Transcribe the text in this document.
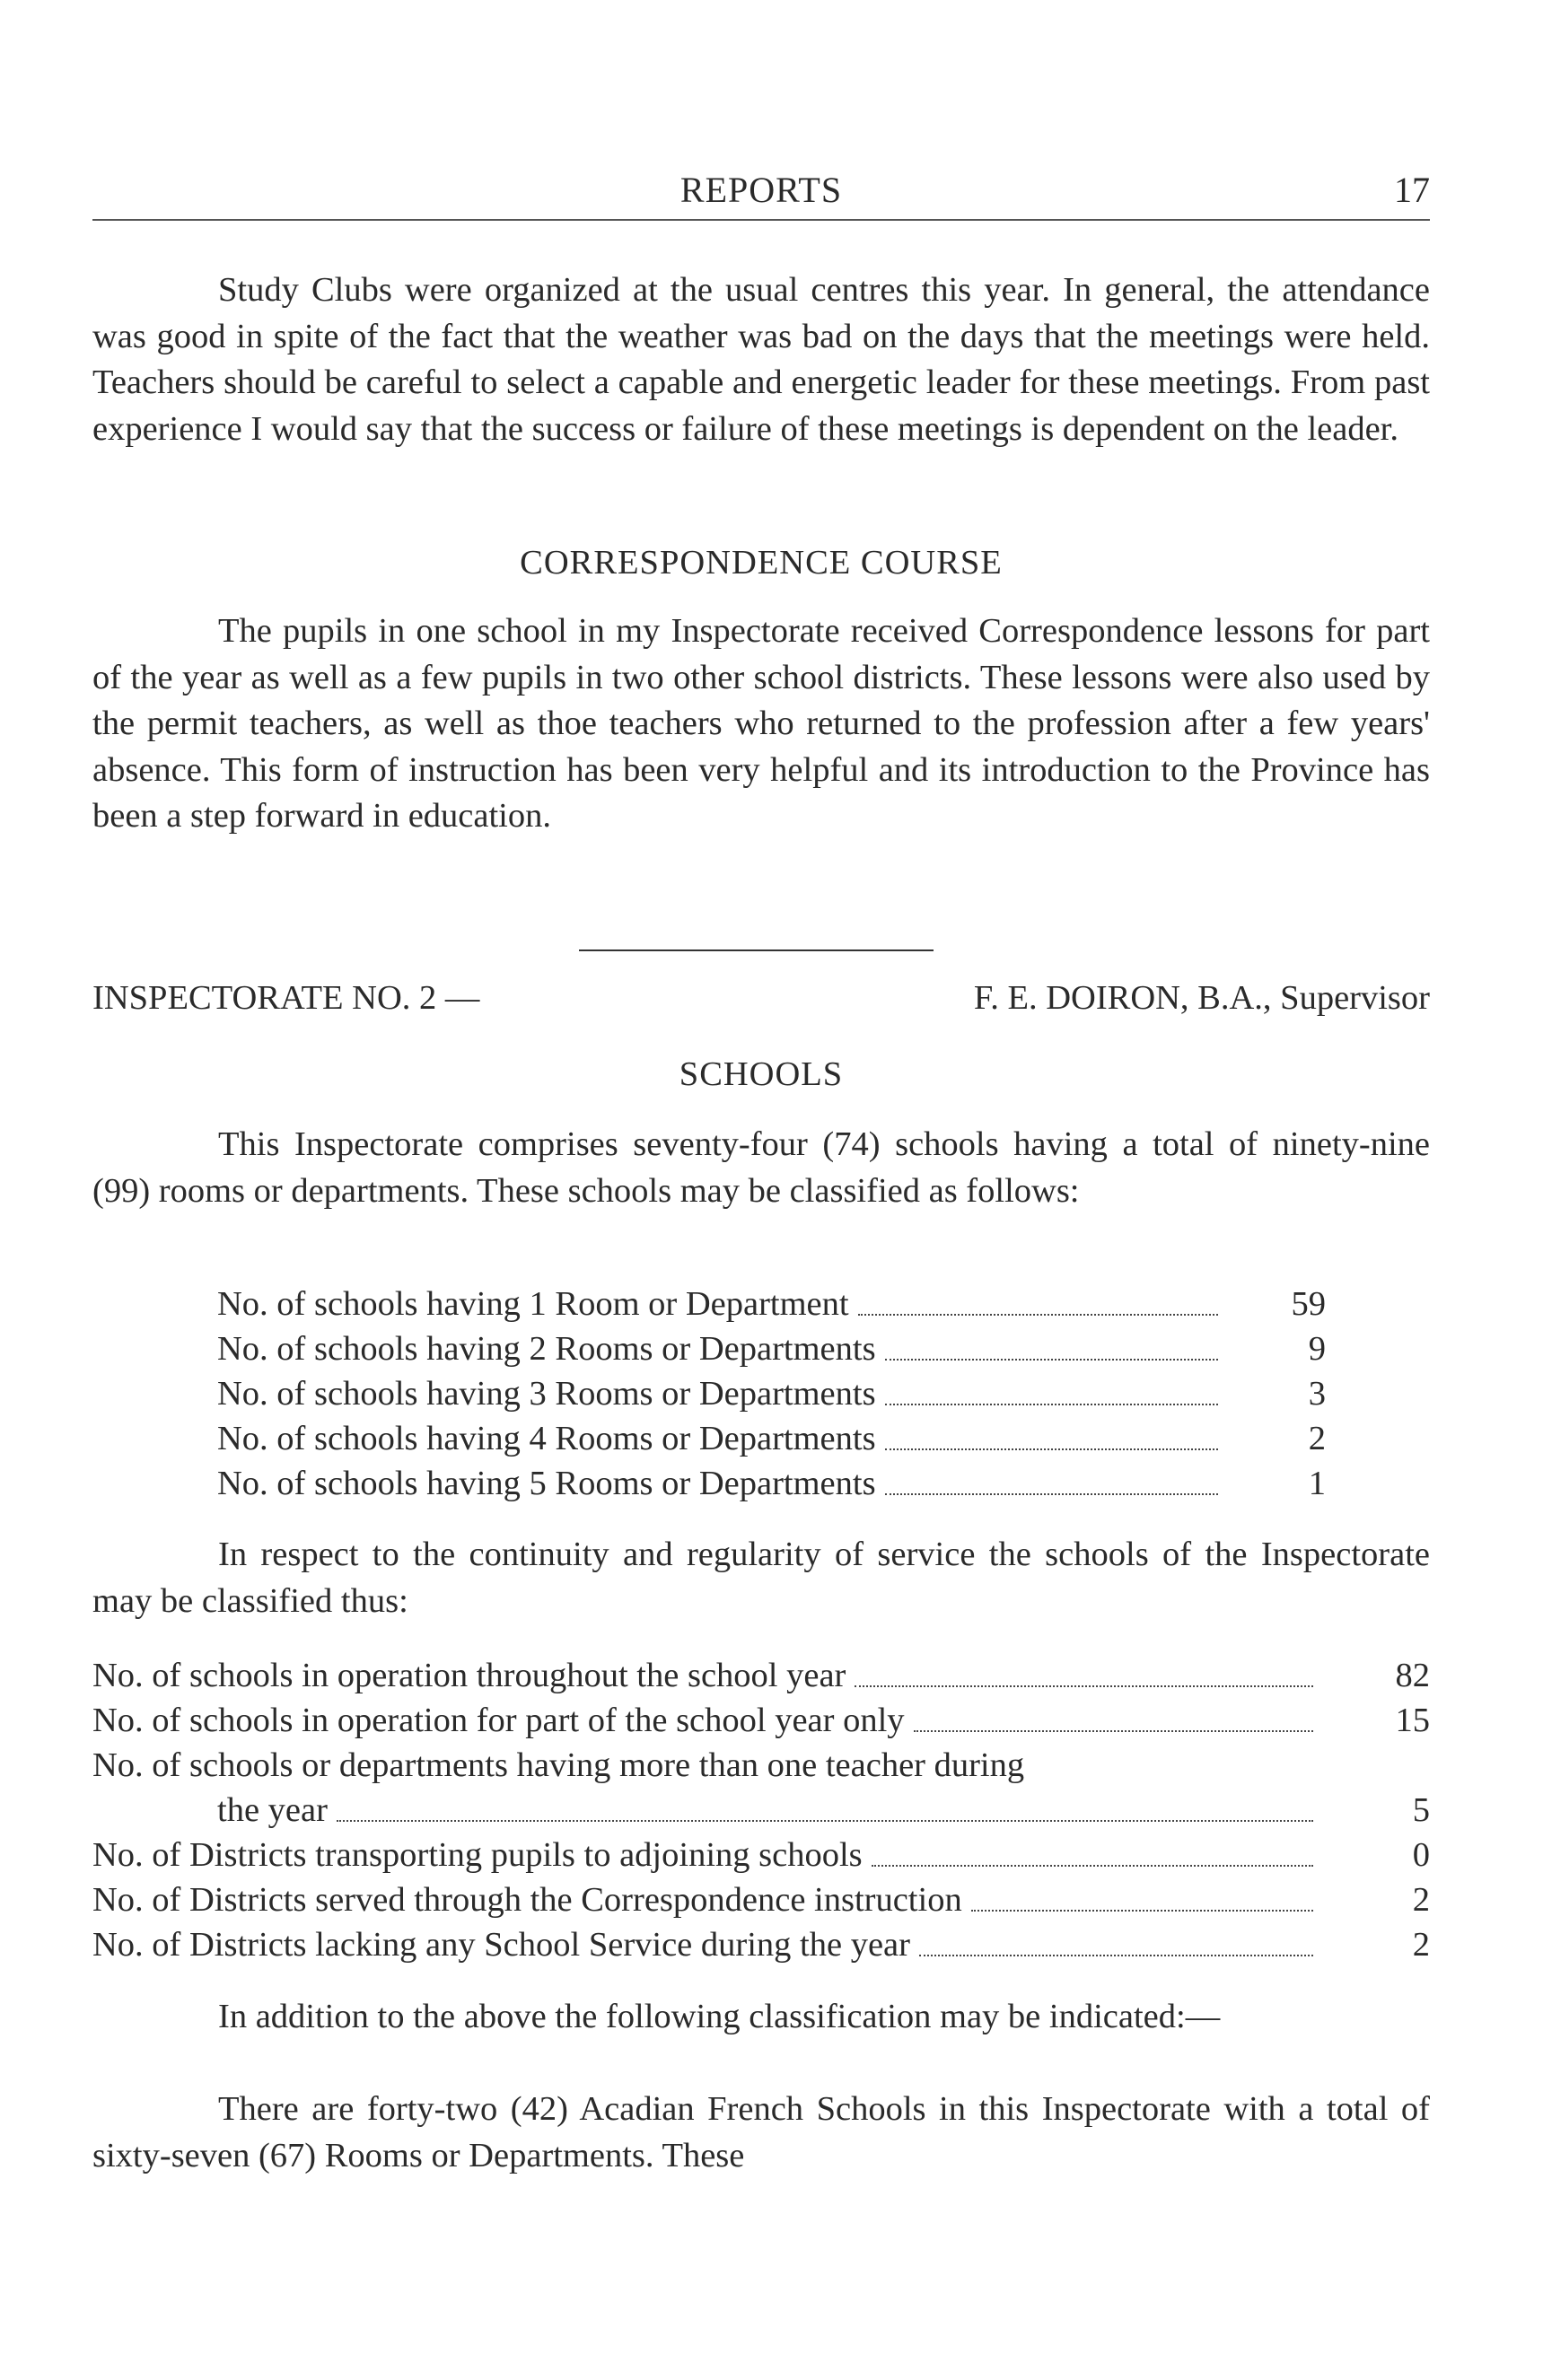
REPORTS	17

Study Clubs were organized at the usual centres this year. In general, the attendance was good in spite of the fact that the weather was bad on the days that the meetings were held. Teachers should be careful to select a capable and energetic leader for these meetings. From past experience I would say that the success or failure of these meetings is dependent on the leader.

CORRESPONDENCE COURSE

The pupils in one school in my Inspectorate received Correspondence lessons for part of the year as well as a few pupils in two other school districts. These lessons were also used by the permit teachers, as well as thoe teachers who returned to the profession after a few years' absence. This form of instruction has been very helpful and its introduction to the Province has been a step forward in education.

INSPECTORATE NO. 2 —	F. E. DOIRON, B.A., Supervisor
SCHOOLS

This Inspectorate comprises seventy-four (74) schools having a total of ninety-nine (99) rooms or departments. These schools may be classified as follows:

No. of schools having 1 Room or Department	59
No. of schools having 2 Rooms or Departments	9
No. of schools having 3 Rooms or Departments	3
No. of schools having 4 Rooms or Departments	2
No. of schools having 5 Rooms or Departments	1

In respect to the continuity and regularity of service the schools of the Inspectorate may be classified thus:

No. of schools in operation throughout the school year	82
No. of schools in operation for part of the school year only	15
No. of schools or departments having more than one teacher during
the year	5
No. of Districts transporting pupils to adjoining schools	0
No. of Districts served through the Correspondence instruction	2
No. of Districts lacking any School Service during the year	2

In addition to the above the following classification may be indicated:—

There are forty-two (42) Acadian French Schools in this Inspectorate with a total of sixty-seven (67) Rooms or Departments. These
